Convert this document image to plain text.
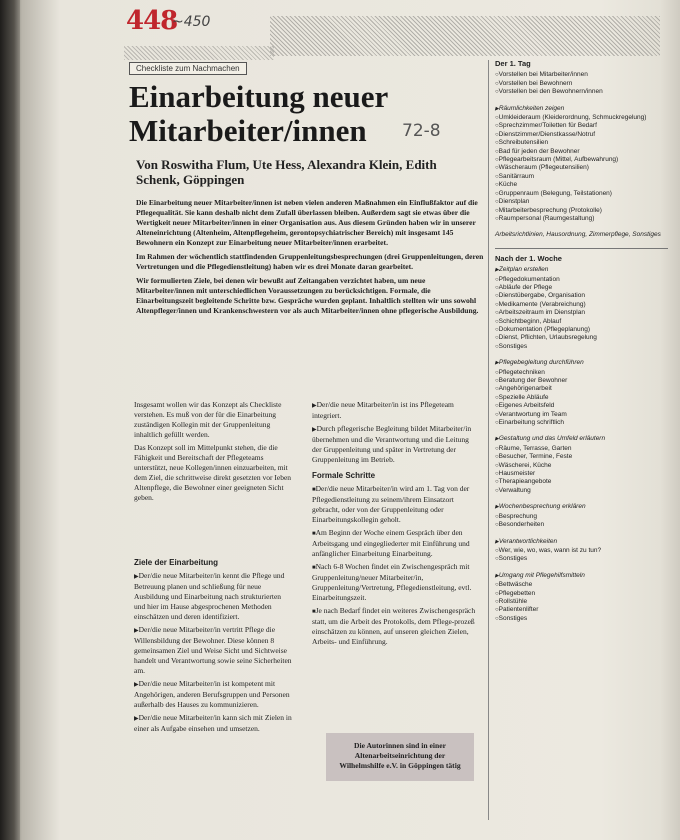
448
~450
Checkliste zum Nachmachen
Einarbeitung neuer Mitarbeiter/innen	72-8
Von Roswitha Flum, Ute Hess, Alexandra Klein, Edith Schenk, Göppingen

Die Einarbeitung neuer Mitarbeiter/innen ist neben vielen anderen Maßnahmen ein Einflußfaktor auf die Pflegequalität. Sie kann deshalb nicht dem Zufall überlassen bleiben. Außerdem sagt sie etwas über die Wertigkeit neuer Mitarbeiter/innen in einer Organisation aus. Aus diesem Gründen haben wir in unserer Alteneinrichtung (Altenheim, Altenpflegeheim, gerontopsychiatrischer Bereich) mit insgesamt 145 Bewohnern ein Konzept zur Einarbeitung neuer Mitarbeiter/innen erarbeitet.

Im Rahmen der wöchentlich stattfindenden Gruppenleitungsbesprechungen (drei Gruppenleitungen, deren Vertretungen und die Pflegedienstleitung) haben wir es drei Monate daran gearbeitet.

Wir formulierten Ziele, bei denen wir bewußt auf Zeitangaben verzichtet haben, um neue Mitarbeiter/innen mit unterschiedlichen Voraussetzungen zu berücksichtigen. Formale, die Einarbeitungszeit begleitende Schritte bzw. Gespräche wurden geplant. Inhaltlich stellten wir uns sowohl Altenpfleger/innen und Krankenschwestern vor als auch Mitarbeiter/innen ohne pflegerische Ausbildung.

Insgesamt wollen wir das Konzept als Checkliste verstehen. Es muß von der für die Einarbeitung zuständigen Kollegin mit der Gruppenleitung inhaltlich gefüllt werden.

Das Konzept soll im Mittelpunkt stehen, die die Fähigkeit und Bereitschaft der Pflegeteams unterstützt, neue Kollegen/innen einzuarbeiten, mit dem Ziel, die schrittweise direkt gesetzten vor Ieben Altenpflege, die Bewohner einer geeigneten Sicht geben.

Ziele der Einarbeitung

▶ Der/die neue Mitarbeiter/in kennt die Pflege und Betreuung planen und schließung für neue Ausbildung und Einarbeitung nach strukturierten und hier im Hause abgesprochenen Methoden einschätzen und deren identifiziert.

▶ Der/die neue Mitarbeiter/in vertritt Pflege die Willensbildung der Bewohner. Diese können 8 gemeinsamen Ziel und Weise Sicht und Sichtweise handelt und Verantwortung sowie seine Sicherheiten am.

▶ Der/die neue Mitarbeiter/in ist kompetent mit Angehörigen, anderen Berufsgruppen und Personen außerhalb des Hauses zu kommunizieren.

▶ Der/die neue Mitarbeiter/in kann sich mit Zielen in einer als Aufgabe einsehen und umsetzen.

▶ Der/die neue Mitarbeiter/in ist ins Pflegeteam integriert.

▶ Durch pflegerische Begleitung bildet Mitarbeiter/in übernehmen und die Verantwortung und die Leitung der Gruppenleitung und später in Vertretung der Gruppenleitung im Betrieb.

Formale Schritte

■ Der/die neue Mitarbeiter/in wird am 1. Tag von der Pflegedienstleitung zu seinem/ihrem Einsatzort gebracht, oder von der Gruppenleitung oder Einarbeitungskollegin geholt.

■ Am Beginn der Woche einem Gespräch über den Arbeitsgang und eingegliederter mit Einführung und anfänglicher Einarbeitung Einarbeitung.

■ Nach 6-8 Wochen findet ein Zwischengespräch mit Gruppenleitung/neuer Mitarbeiter/in, Gruppenleitung/Vertretung, Pflegedienstleitung, evtl. Einarbeitungszeit.

■ Je nach Bedarf findet ein weiteres Zwischengespräch statt, um die Arbeit des Protokolls, dem Pflege-prozeß einschätzen zu können, auf unseren gleichen Zielen, Arbeits- und Einführung.

Die Autorinnen sind in einer Altenarbeitseinrichtung der Wilhelmshilfe e.V. in Göppingen tätig
Der 1. Tag
○ Vorstellen bei Mitarbeiter/innen
○ Vorstellen bei Bewohnern
○ Vorstellen bei den Bewohnern/innen
▶ Räumlichkeiten zeigen
○ Umkleideraum (Kleiderordnung, Schmuckregelung)
○ Sprechzimmer/Toiletten für Bedarf
○ Dienstzimmer/Dienstkasse/Notruf
○ Schreibutensilien
○ Bad für jeden der Bewohner
○ Pflegearbeitsraum (Mittel, Aufbewahrung)
○ Wäscheraum (Pflegeutensilien)
○ Sanitärraum
○ Küche
○ Gruppenraum (Belegung, Teilstationen)
○ Dienstplan
○ Mitarbeiterbesprechung (Protokolle)
○ Raumpersonal (Raumgestaltung)
Arbeitsrichtlinien, Hausordnung, Zimmerpflege, Sonstiges
Nach der 1. Woche
▶ Zeitplan erstellen
○ Pflegedokumentation
○ Abläufe der Pflege
○ Dienstübergabe, Organisation
○ Medikamente (Verabreichung)
○ Arbeitszeitraum im Dienstplan
○ Schichtbeginn, Ablauf
○ Dokumentation (Pflegeplanung)
○ Dienst, Pflichten, Urlaubsregelung
○ Sonstiges
▶ Pflegebegleitung durchführen
○ Pflegetechniken
○ Beratung der Bewohner
○ Angehörigenarbeit
○ Spezielle Abläufe
○ Eigenes Arbeitsfeld
○ Verantwortung im Team
○ Einarbeitung schriftlich
▶ Gestaltung und das Umfeld erläutern
○ Räume, Terrasse, Garten
○ Besucher, Termine, Feste
○ Wäscherei, Küche
○ Hausmeister
○ Therapieangebote
○ Verwaltung
▶ Wochenbesprechung erklären
○ Besprechung
○ Besonderheiten
▶ Verantwortlichkeiten
○ Wer, wie, wo, was, wann ist zu tun?
○ Sonstiges
▶ Umgang mit Pflegehilfsmitteln
○ Bettwäsche
○ Pflegebetten
○ Rollstühle
○ Patientenlifter
○ Sonstiges
